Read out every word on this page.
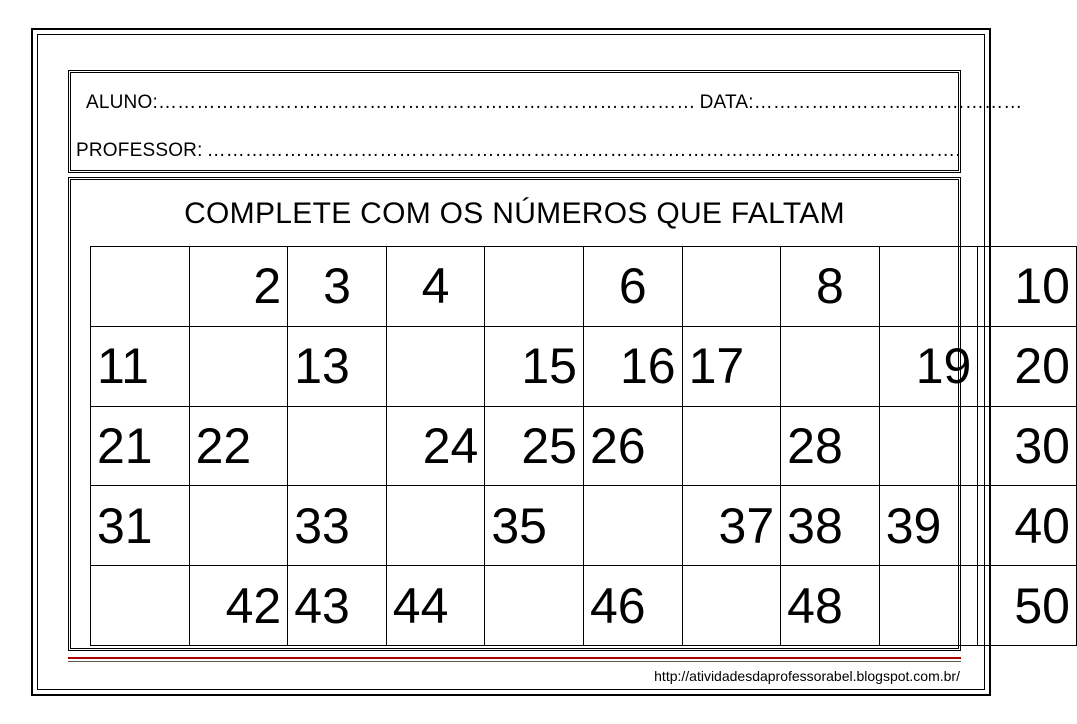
ALUNO:………………………………………………………………………… DATA:……………………………………
PROFESSOR: ……………………………………………………………………………………………………….
COMPLETE COM OS NÚMEROS QUE FALTAM
	2	3	4		6		8		10
11		13		15	16	17		19	20
21	22		24	25	26		28		30
31		33		35		37	38	39	40
	42	43	44		46		48		50
http://atividadesdaprofessorabel.blogspot.com.br/
